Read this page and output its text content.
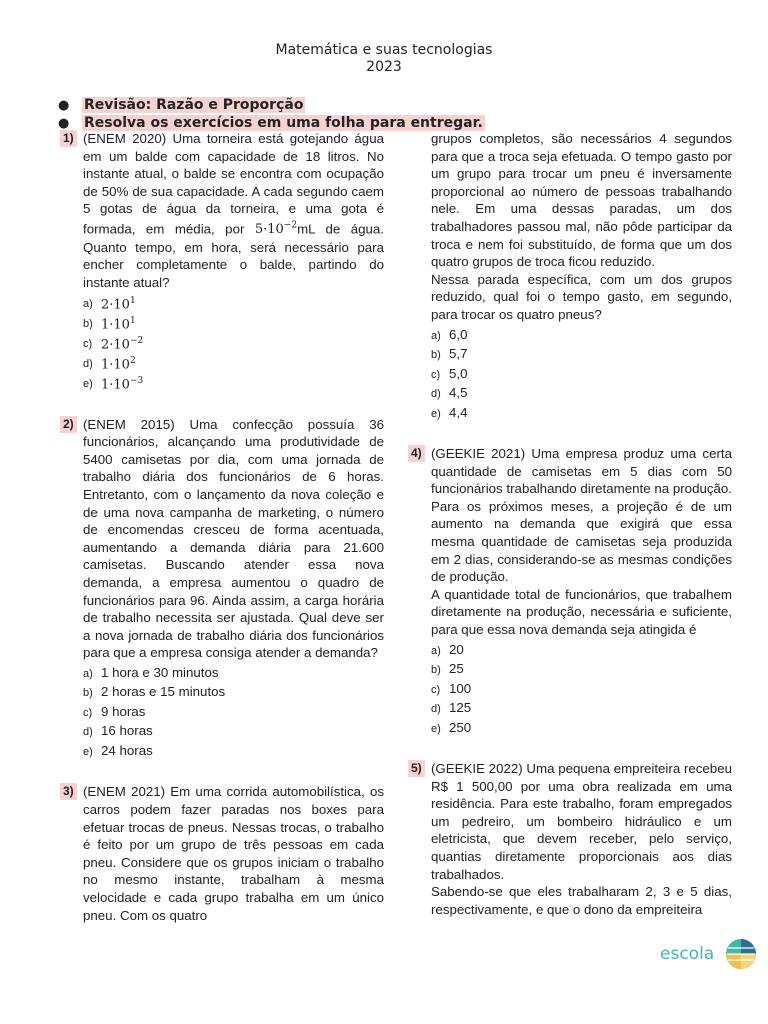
Matemática e suas tecnologias
2023
●	Revisão: Razão e Proporção
●	Resolva os exercícios em uma folha para entregar.
1) (ENEM 2020) Uma torneira está gotejando água em um balde com capacidade de 18 litros. No instante atual, o balde se encontra com ocupação de 50% de sua capacidade. A cada segundo caem 5 gotas de água da torneira, e uma gota é formada, em média, por $5\cdot 10^{-2}mL$ de água. Quanto tempo, em hora, será necessário para encher completamente o balde, partindo do instante atual?

a) $2\cdot 10^1$
b) $1\cdot 10^1$
c) $2\cdot 10^{-2}$
d) $1\cdot 10^2$
e) $1\cdot 10^{-3}$
2) (ENEM 2015) Uma confecção possuía 36 funcionários, alcançando uma produtividade de 5400 camisetas por dia, com uma jornada de trabalho diária dos funcionários de 6 horas. Entretanto, com o lançamento da nova coleção e de uma nova campanha de marketing, o número de encomendas cresceu de forma acentuada, aumentando a demanda diária para 21.600 camisetas. Buscando atender essa nova demanda, a empresa aumentou o quadro de funcionários para 96. Ainda assim, a carga horária de trabalho necessita ser ajustada. Qual deve ser a nova jornada de trabalho diária dos funcionários para que a empresa consiga atender a demanda?

a) 1 hora e 30 minutos
b) 2 horas e 15 minutos
c) 9 horas
d) 16 horas
e) 24 horas
3) (ENEM 2021) Em uma corrida automobilística, os carros podem fazer paradas nos boxes para efetuar trocas de pneus. Nessas trocas, o trabalho é feito por um grupo de três pessoas em cada pneu. Considere que os grupos iniciam o trabalho no mesmo instante, trabalham à mesma velocidade e cada grupo trabalha em um único pneu. Com os quatro

grupos completos, são necessários 4 segundos para que a troca seja efetuada. O tempo gasto por um grupo para trocar um pneu é inversamente proporcional ao número de pessoas trabalhando nele. Em uma dessas paradas, um dos trabalhadores passou mal, não pôde participar da troca e nem foi substituído, de forma que um dos quatro grupos de troca ficou reduzido.

Nessa parada específica, com um dos grupos reduzido, qual foi o tempo gasto, em segundo, para trocar os quatro pneus?

a) 6,0
b) 5,7
c) 5,0
d) 4,5
e) 4,4
4) (GEEKIE 2021) Uma empresa produz uma certa quantidade de camisetas em 5 dias com 50 funcionários trabalhando diretamente na produção. Para os próximos meses, a projeção é de um aumento na demanda que exigirá que essa mesma quantidade de camisetas seja produzida em 2 dias, considerando-se as mesmas condições de produção.

A quantidade total de funcionários, que trabalhem diretamente na produção, necessária e suficiente, para que essa nova demanda seja atingida é

a) 20
b) 25
c) 100
d) 125
e) 250
5) (GEEKIE 2022) Uma pequena empreiteira recebeu R$ 1 500,00 por uma obra realizada em uma residência. Para este trabalho, foram empregados um pedreiro, um bombeiro hidráulico e um eletricista, que devem receber, pelo serviço, quantias diretamente proporcionais aos dias trabalhados.

Sabendo-se que eles trabalharam 2, 3 e 5 dias, respectivamente, e que o dono da empreiteira

escola
